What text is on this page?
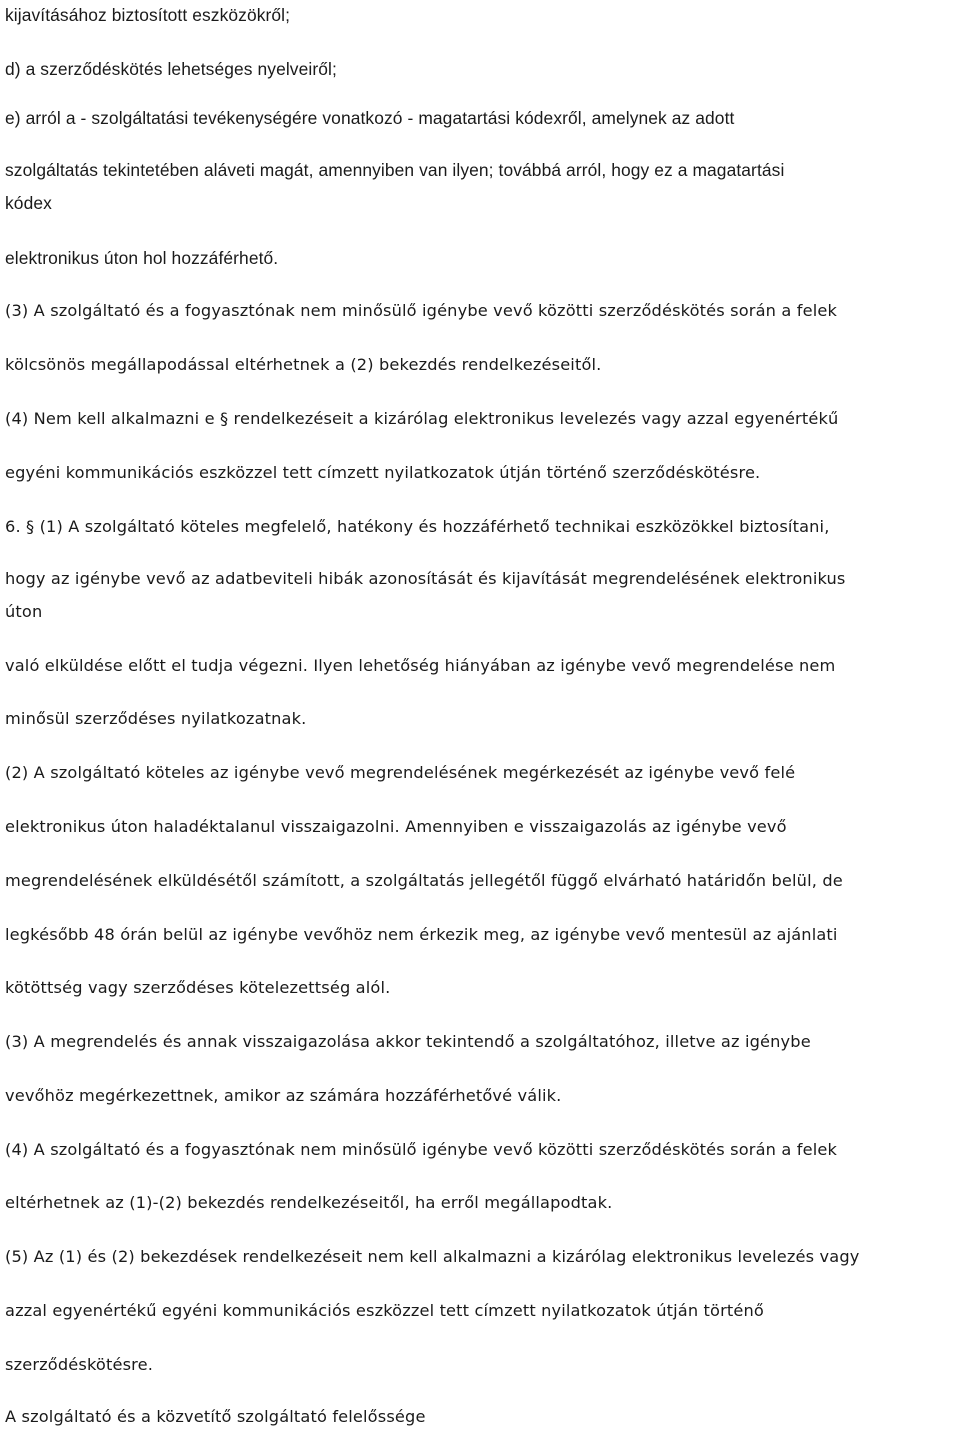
kijavításához biztosított eszközökről;

d) a szerződéskötés lehetséges nyelveiről;

e) arról a - szolgáltatási tevékenységére vonatkozó - magatartási kódexről, amelynek az adott

szolgáltatás tekintetében aláveti magát, amennyiben van ilyen; továbbá arról, hogy ez a magatartási

kódex

elektronikus úton hol hozzáférhető.

(3) A szolgáltató és a fogyasztónak nem minősülő igénybe vevő közötti szerződéskötés során a felek

kölcsönös megállapodással eltérhetnek a (2) bekezdés rendelkezéseitől.

(4) Nem kell alkalmazni e § rendelkezéseit a kizárólag elektronikus levelezés vagy azzal egyenértékű

egyéni kommunikációs eszközzel tett címzett nyilatkozatok útján történő szerződéskötésre.

6. § (1) A szolgáltató köteles megfelelő, hatékony és hozzáférhető technikai eszközökkel biztosítani,

hogy az igénybe vevő az adatbeviteli hibák azonosítását és kijavítását megrendelésének elektronikus

úton

való elküldése előtt el tudja végezni. Ilyen lehetőség hiányában az igénybe vevő megrendelése nem

minősül szerződéses nyilatkozatnak.

(2) A szolgáltató köteles az igénybe vevő megrendelésének megérkezését az igénybe vevő felé

elektronikus úton haladéktalanul visszaigazolni. Amennyiben e visszaigazolás az igénybe vevő

megrendelésének elküldésétől számított, a szolgáltatás jellegétől függő elvárható határidőn belül, de

legkésőbb 48 órán belül az igénybe vevőhöz nem érkezik meg, az igénybe vevő mentesül az ajánlati

kötöttség vagy szerződéses kötelezettség alól.

(3) A megrendelés és annak visszaigazolása akkor tekintendő a szolgáltatóhoz, illetve az igénybe

vevőhöz megérkezettnek, amikor az számára hozzáférhetővé válik.

(4) A szolgáltató és a fogyasztónak nem minősülő igénybe vevő közötti szerződéskötés során a felek

eltérhetnek az (1)-(2) bekezdés rendelkezéseitől, ha erről megállapodtak.

(5) Az (1) és (2) bekezdések rendelkezéseit nem kell alkalmazni a kizárólag elektronikus levelezés vagy

azzal egyenértékű egyéni kommunikációs eszközzel tett címzett nyilatkozatok útján történő

szerződéskötésre.

A szolgáltató és a közvetítő szolgáltató felelőssége
